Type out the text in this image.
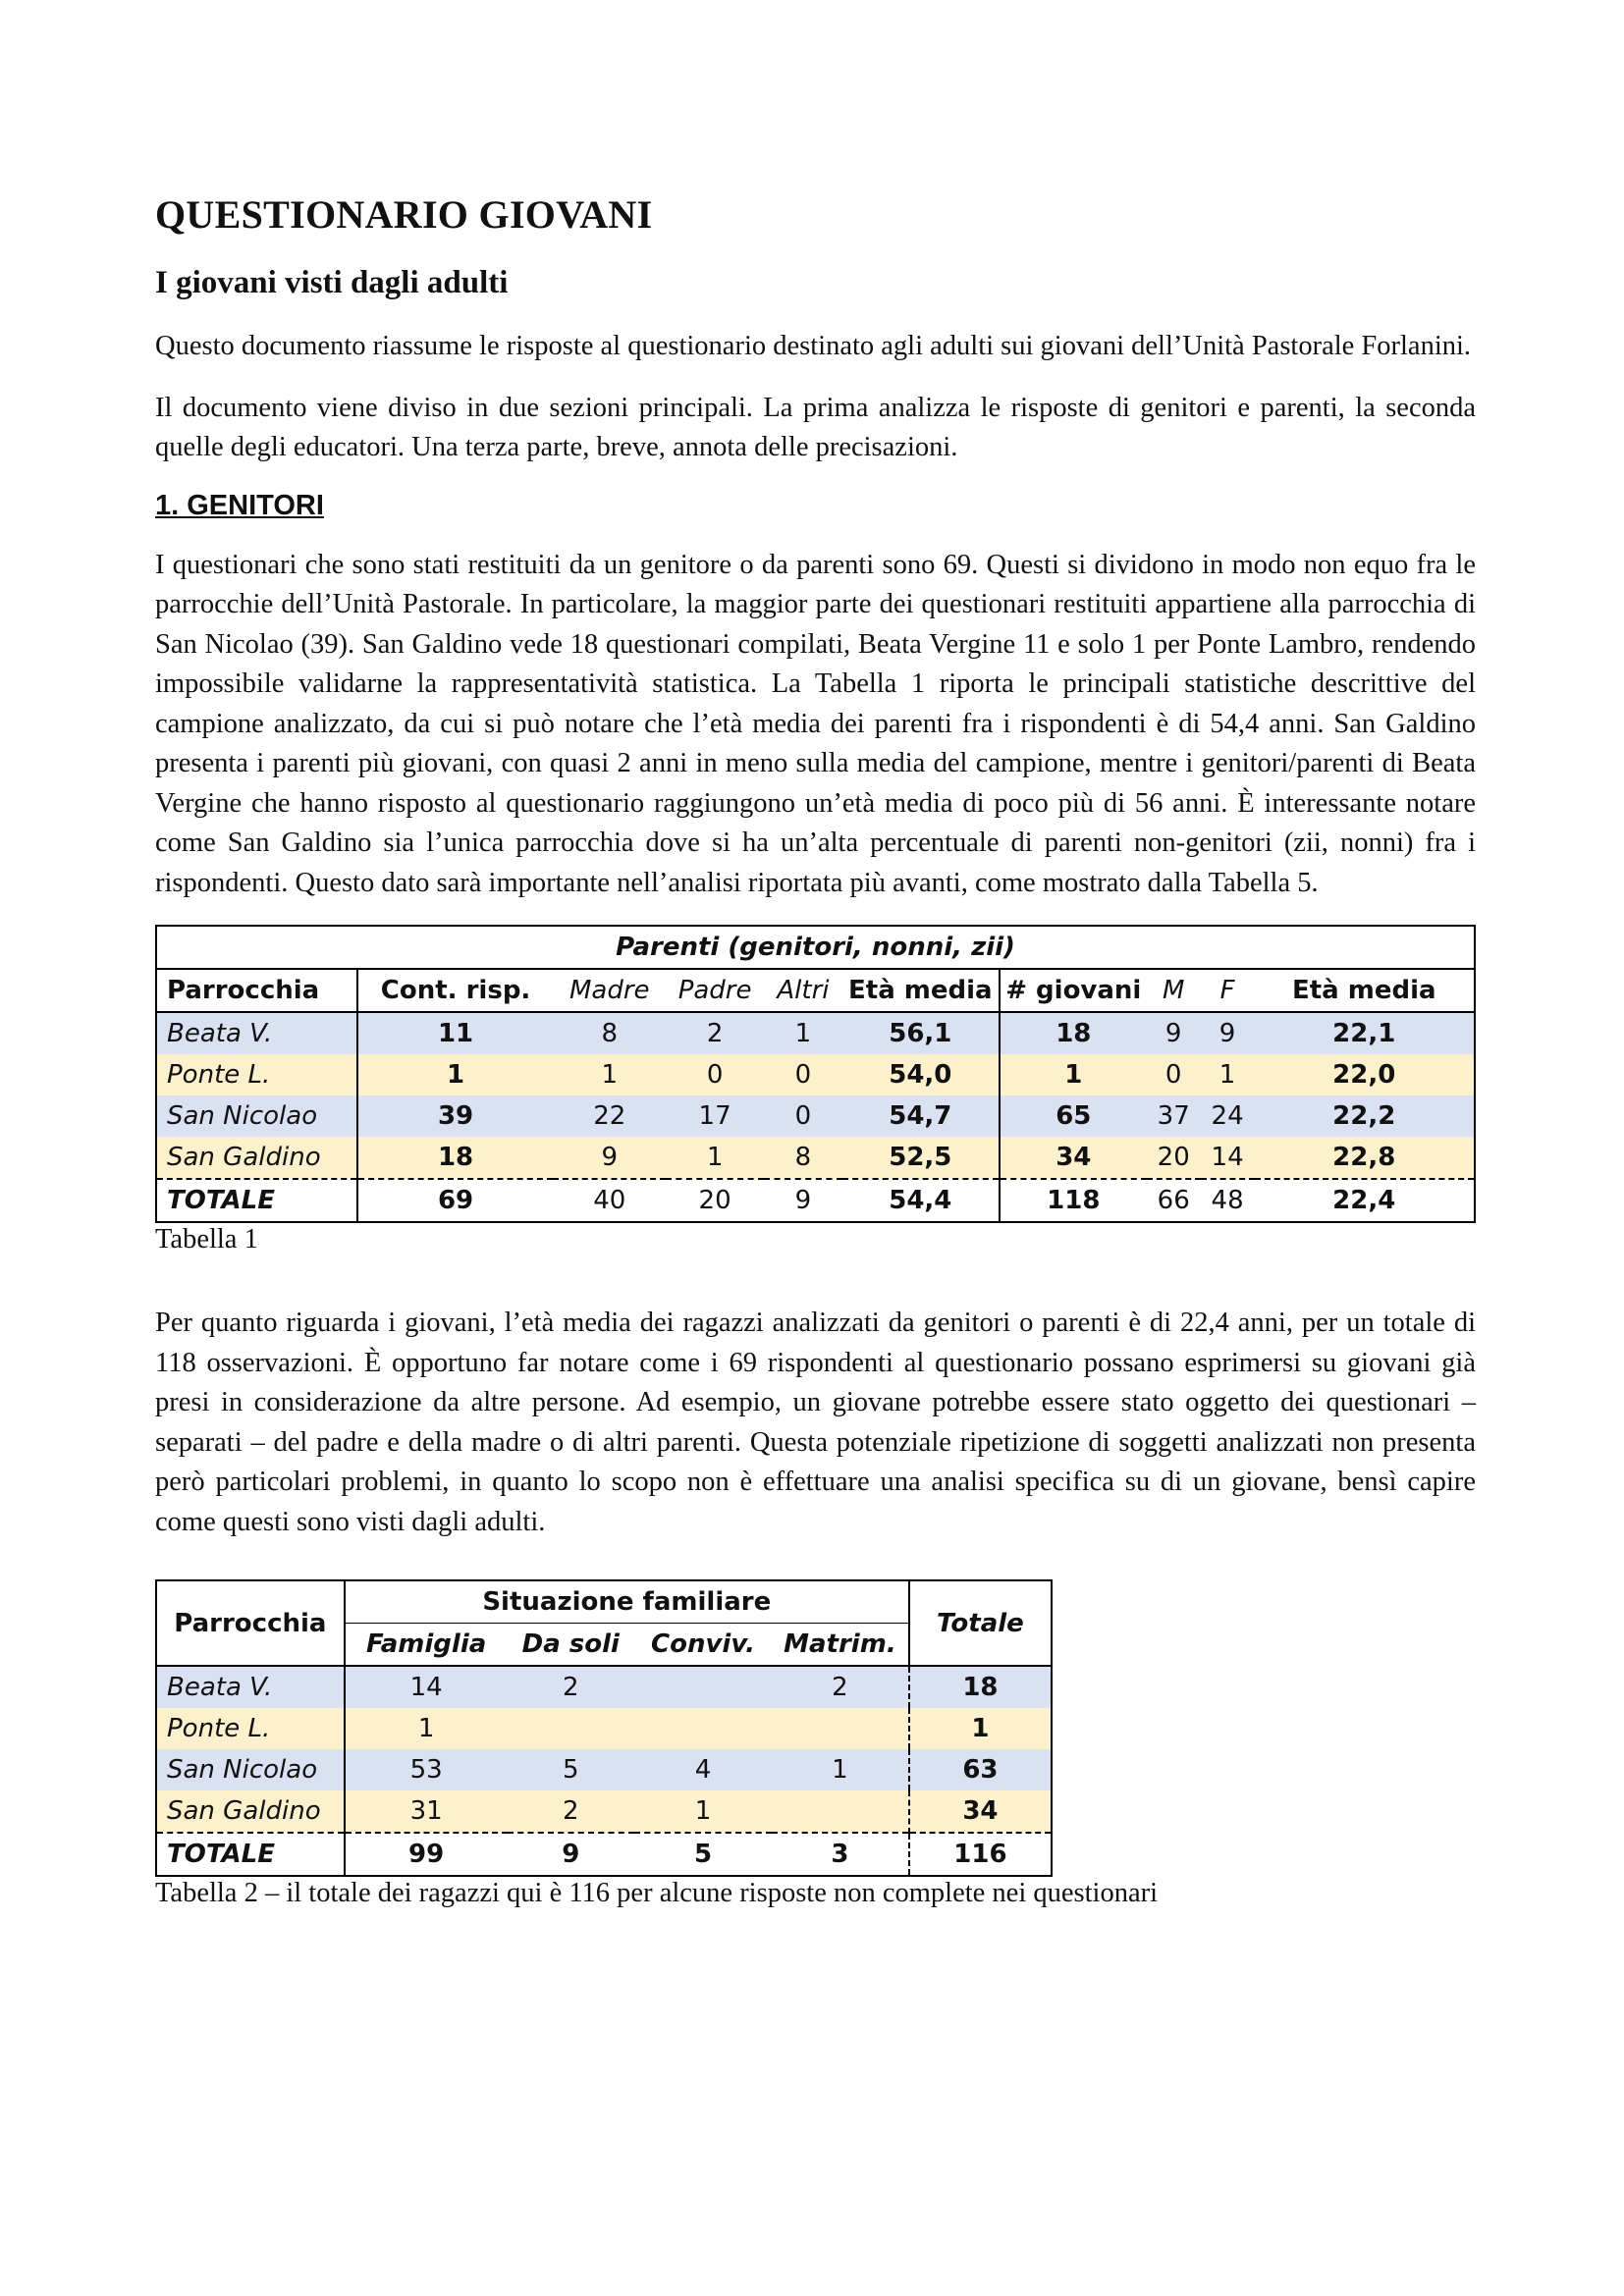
QUESTIONARIO GIOVANI
I giovani visti dagli adulti

Questo documento riassume le risposte al questionario destinato agli adulti sui giovani dell’Unità Pastorale Forlanini.

Il documento viene diviso in due sezioni principali. La prima analizza le risposte di genitori e parenti, la seconda quelle degli educatori. Una terza parte, breve, annota delle precisazioni.

1. GENITORI

I questionari che sono stati restituiti da un genitore o da parenti sono 69. Questi si dividono in modo non equo fra le parrocchie dell’Unità Pastorale. In particolare, la maggior parte dei questionari restituiti appartiene alla parrocchia di San Nicolao (39). San Galdino vede 18 questionari compilati, Beata Vergine 11 e solo 1 per Ponte Lambro, rendendo impossibile validarne la rappresentatività statistica. La Tabella 1 riporta le principali statistiche descrittive del campione analizzato, da cui si può notare che l’età media dei parenti fra i rispondenti è di 54,4 anni. San Galdino presenta i parenti più giovani, con quasi 2 anni in meno sulla media del campione, mentre i genitori/parenti di Beata Vergine che hanno risposto al questionario raggiungono un’età media di poco più di 56 anni. È interessante notare come San Galdino sia l’unica parrocchia dove si ha un’alta percentuale di parenti non-genitori (zii, nonni) fra i rispondenti. Questo dato sarà importante nell’analisi riportata più avanti, come mostrato dalla Tabella 5.

Parenti (genitori, nonni, zii)									
Parrocchia	Cont. risp.	Madre	Padre	Altri	Età media	# giovani	M	F	Età media
Beata V.	11	8	2	1	56,1	18	9	9	22,1
Ponte L.	1	1	0	0	54,0	1	0	1	22,0
San Nicolao	39	22	17	0	54,7	65	37	24	22,2
San Galdino	18	9	1	8	52,5	34	20	14	22,8
TOTALE	69	40	20	9	54,4	118	66	48	22,4

Tabella 1

Per quanto riguarda i giovani, l’età media dei ragazzi analizzati da genitori o parenti è di 22,4 anni, per un totale di 118 osservazioni. È opportuno far notare come i 69 rispondenti al questionario possano esprimersi su giovani già presi in considerazione da altre persone. Ad esempio, un giovane potrebbe essere stato oggetto dei questionari – separati – del padre e della madre o di altri parenti. Questa potenziale ripetizione di soggetti analizzati non presenta però particolari problemi, in quanto lo scopo non è effettuare una analisi specifica su di un giovane, bensì capire come questi sono visti dagli adulti.

Parrocchia	Situazione familiare				Totale
	Famiglia	Da soli	Conviv.	Matrim.	
Beata V.	14	2		2	18
Ponte L.	1				1
San Nicolao	53	5	4	1	63
San Galdino	31	2	1		34
TOTALE	99	9	5	3	116

Tabella 2 – il totale dei ragazzi qui è 116 per alcune risposte non complete nei questionari
